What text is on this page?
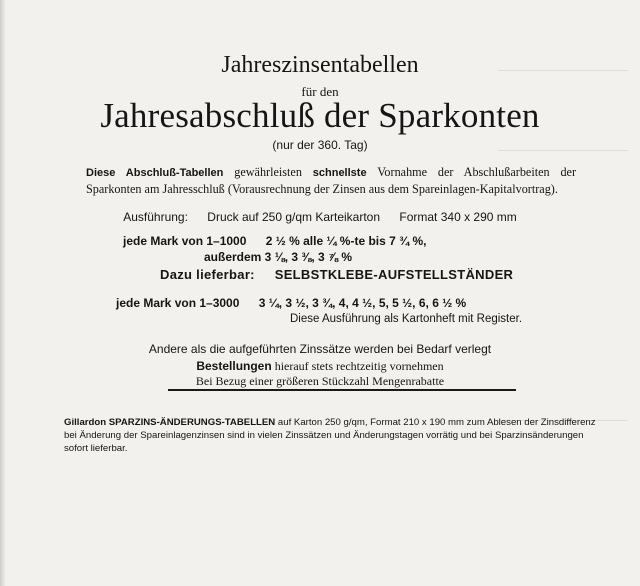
Jahreszinsentabellen
für den
Jahresabschluß der Sparkonten
(nur der 360. Tag)
Diese Abschluß-Tabellen gewährleisten schnellste Vornahme der Abschlußarbeiten der Sparkonten am Jahresschluß (Vorausrechnung der Zinsen aus dem Spareinlagen-Kapitalvortrag).
Ausführung: Druck auf 250 g/qm Karteikarton Format 340 x 290 mm
jede Mark von 1–1000 2 ½ % alle ¼ %-te bis 7 ¾ %,
außerdem 3 ⅛, 3 ⅜, 3 ⅞ %
Dazu lieferbar: SELBSTKLEBE-AUFSTELLSTÄNDER
jede Mark von 1–3000 3 ¼, 3 ½, 3 ¾, 4, 4 ½, 5, 5 ½, 6, 6 ½ %
Diese Ausführung als Kartonheft mit Register.
Andere als die aufgeführten Zinssätze werden bei Bedarf verlegt
Bestellungen hierauf stets rechtzeitig vornehmen
Bei Bezug einer größeren Stückzahl Mengenrabatte
Gillardon SPARZINS-ÄNDERUNGS-TABELLEN auf Karton 250 g/qm, Format 210 x 190 mm zum Ablesen der Zinsdifferenz bei Änderung der Spareinlagenzinsen sind in vielen Zinssätzen und Änderungstagen vorrätig und bei Sparzinsänderungen sofort lieferbar.
